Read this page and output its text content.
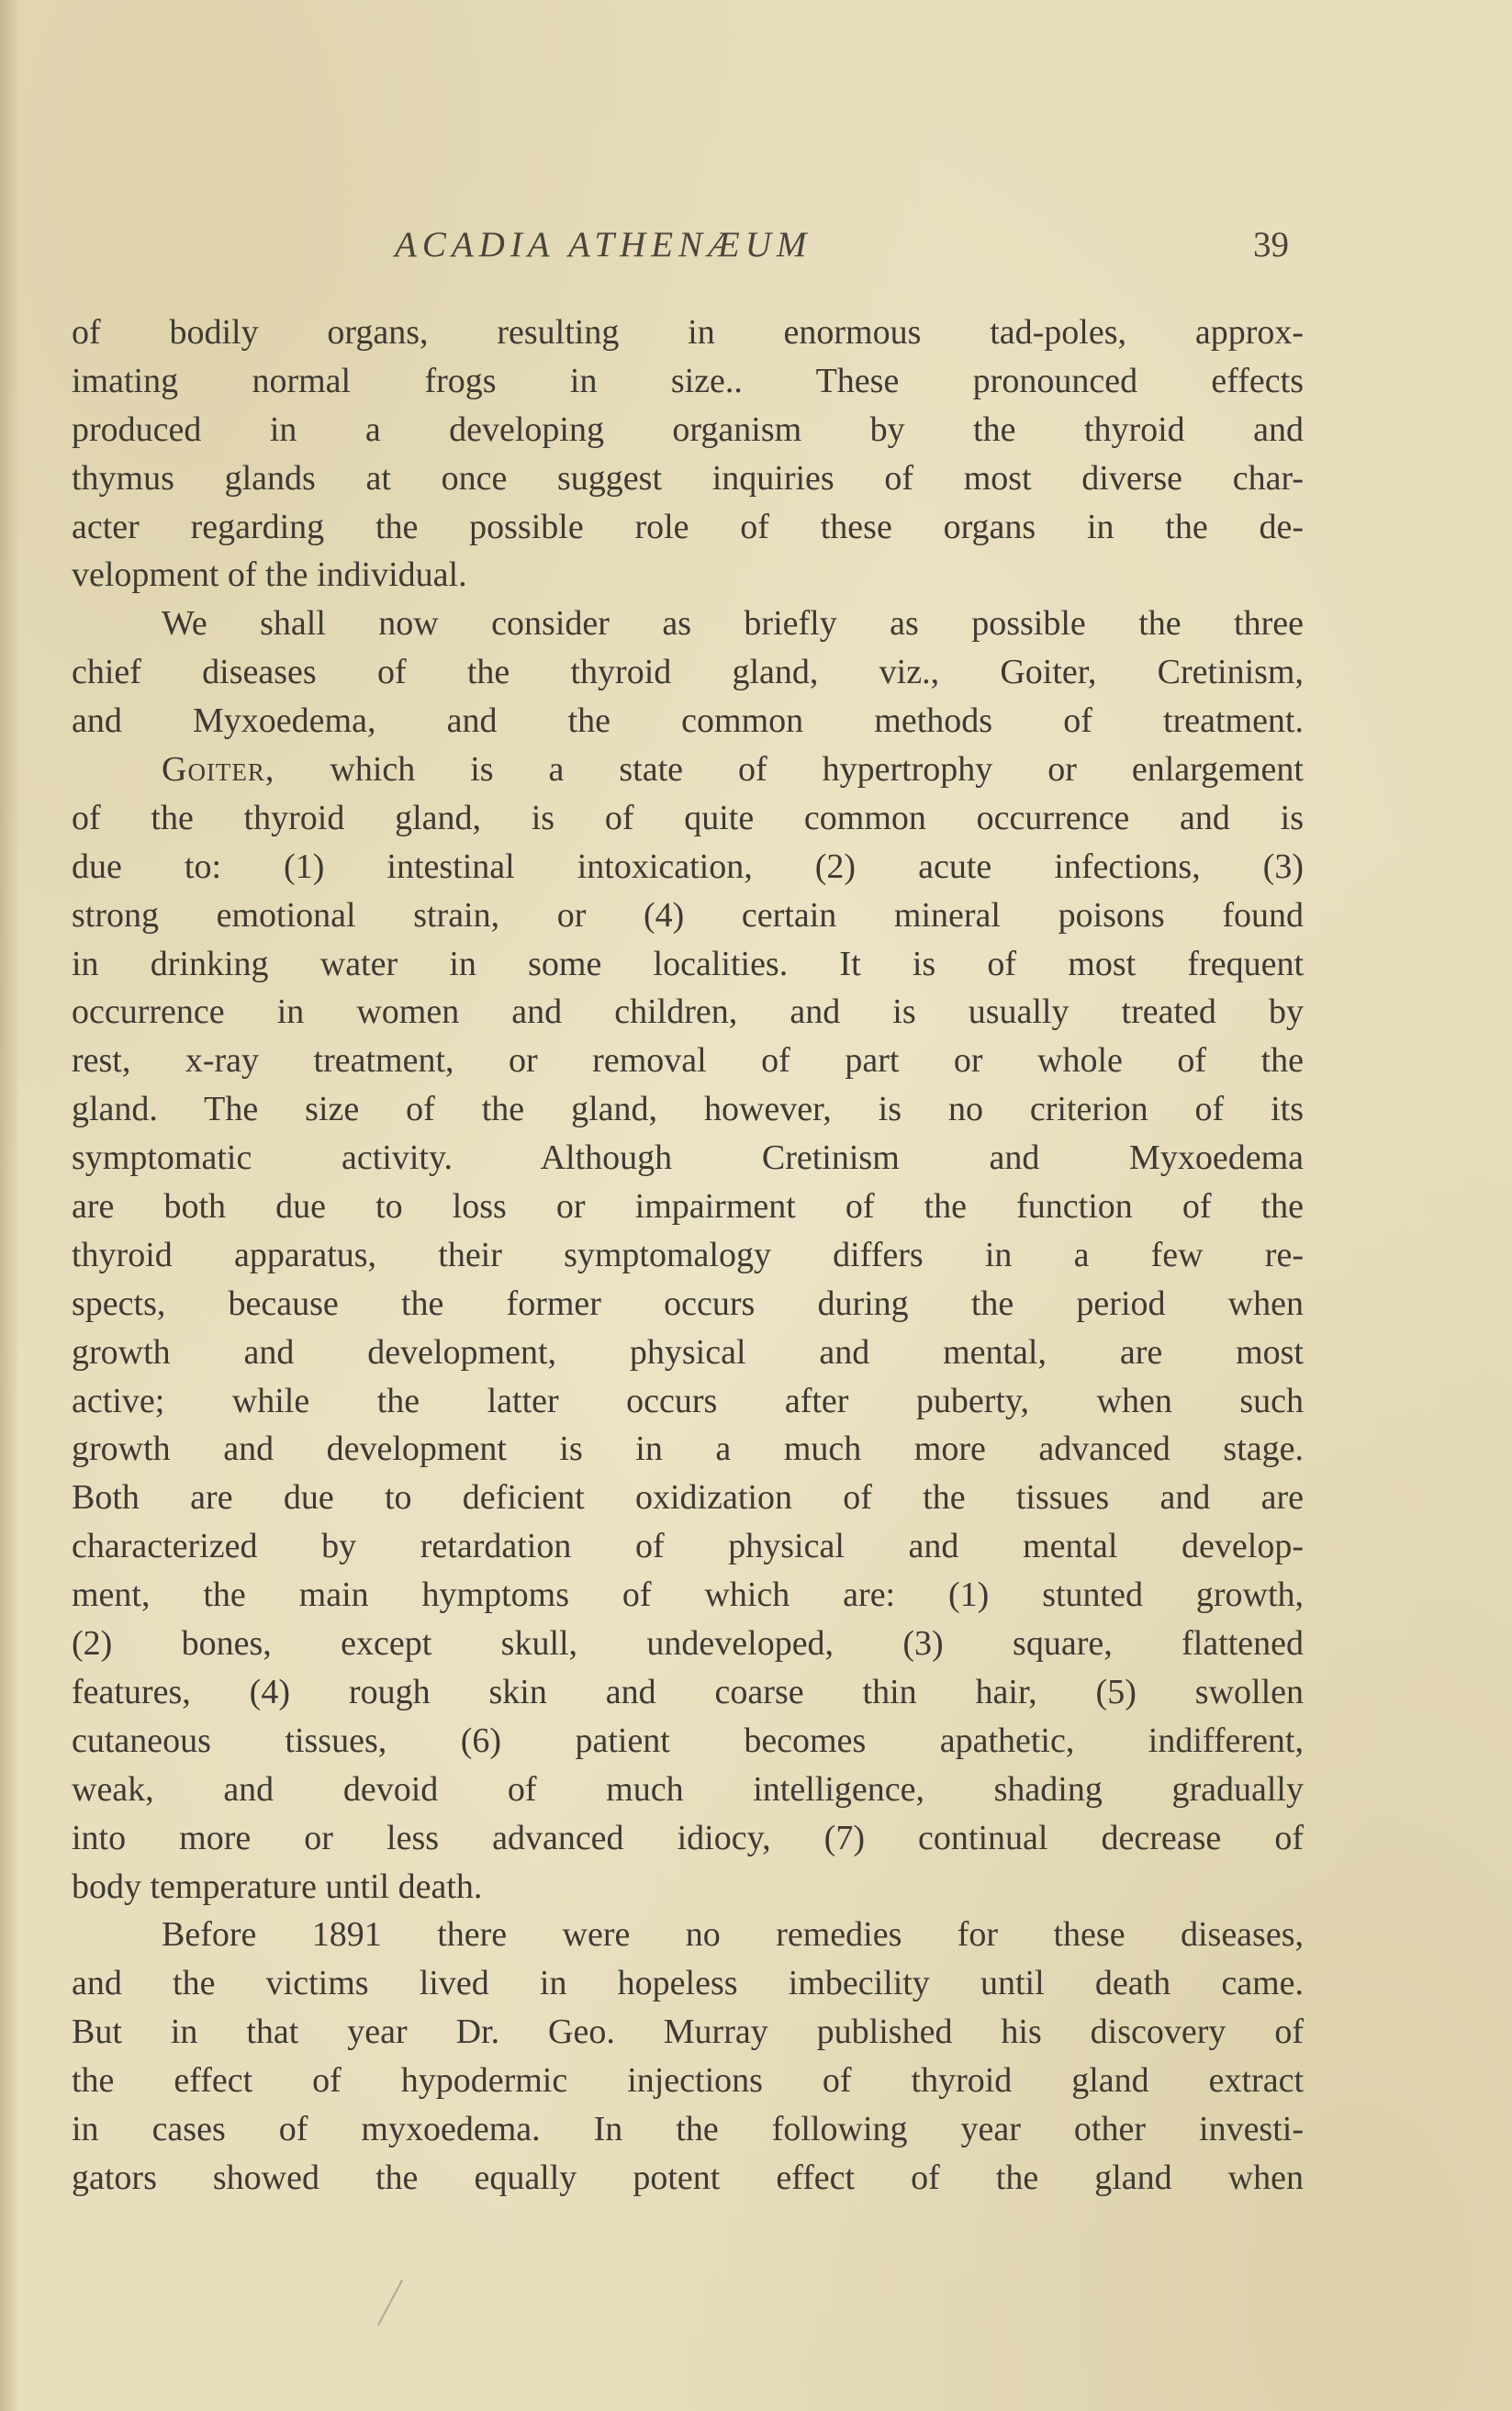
ACADIA ATHENÆUM	39
of bodily organs, resulting in enormous tad-poles, approx-
imating normal frogs in size.. These pronounced effects
produced in a developing organism by the thyroid and
thymus glands at once suggest inquiries of most diverse char-
acter regarding the possible role of these organs in the de-
velopment of the individual.
We shall now consider as briefly as possible the three
chief diseases of the thyroid gland, viz., Goiter, Cretinism,
and Myxoedema, and the common methods of treatment.
Goiter, which is a state of hypertrophy or enlargement
of the thyroid gland, is of quite common occurrence and is
due to: (1) intestinal intoxication, (2) acute infections, (3)
strong emotional strain, or (4) certain mineral poisons found
in drinking water in some localities. It is of most frequent
occurrence in women and children, and is usually treated by
rest, x-ray treatment, or removal of part or whole of the
gland. The size of the gland, however, is no criterion of its
symptomatic activity. Although Cretinism and Myxoedema
are both due to loss or impairment of the function of the
thyroid apparatus, their symptomalogy differs in a few re-
spects, because the former occurs during the period when
growth and development, physical and mental, are most
active; while the latter occurs after puberty, when such
growth and development is in a much more advanced stage.
Both are due to deficient oxidization of the tissues and are
characterized by retardation of physical and mental develop-
ment, the main hymptoms of which are: (1) stunted growth,
(2) bones, except skull, undeveloped, (3) square, flattened
features, (4) rough skin and coarse thin hair, (5) swollen
cutaneous tissues, (6) patient becomes apathetic, indifferent,
weak, and devoid of much intelligence, shading gradually
into more or less advanced idiocy, (7) continual decrease of
body temperature until death.
Before 1891 there were no remedies for these diseases,
and the victims lived in hopeless imbecility until death came.
But in that year Dr. Geo. Murray published his discovery of
the effect of hypodermic injections of thyroid gland extract
in cases of myxoedema. In the following year other investi-
gators showed the equally potent effect of the gland when
